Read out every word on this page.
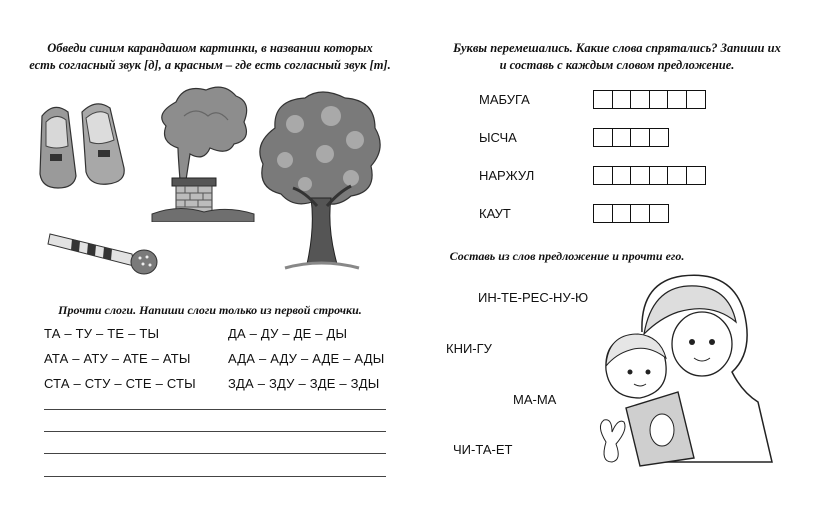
Обведи синим карандашом картинки, в названии которых
есть согласный звук [д], а красным – где есть согласный звук [т].
Прочти слоги. Напиши слоги только из первой строчки.
ТА – ТУ – ТЕ – ТЫ	ДА – ДУ – ДЕ – ДЫ
АТА – АТУ – АТЕ – АТЫ	АДА – АДУ – АДЕ – АДЫ
СТА – СТУ – СТЕ – СТЫ ЗДА – ЗДУ – ЗДЕ – ЗДЫ
Буквы перемешались. Какие слова спрятались? Запиши их
и составь с каждым словом предложение.
МАБУГА
ЫСЧА
НАРЖУЛ
КАУТ
Составь из слов предложение и прочти его.
ИН-ТЕ-РЕС-НУ-Ю
КНИ-ГУ
МА-МА
ЧИ-ТА-ЕТ
